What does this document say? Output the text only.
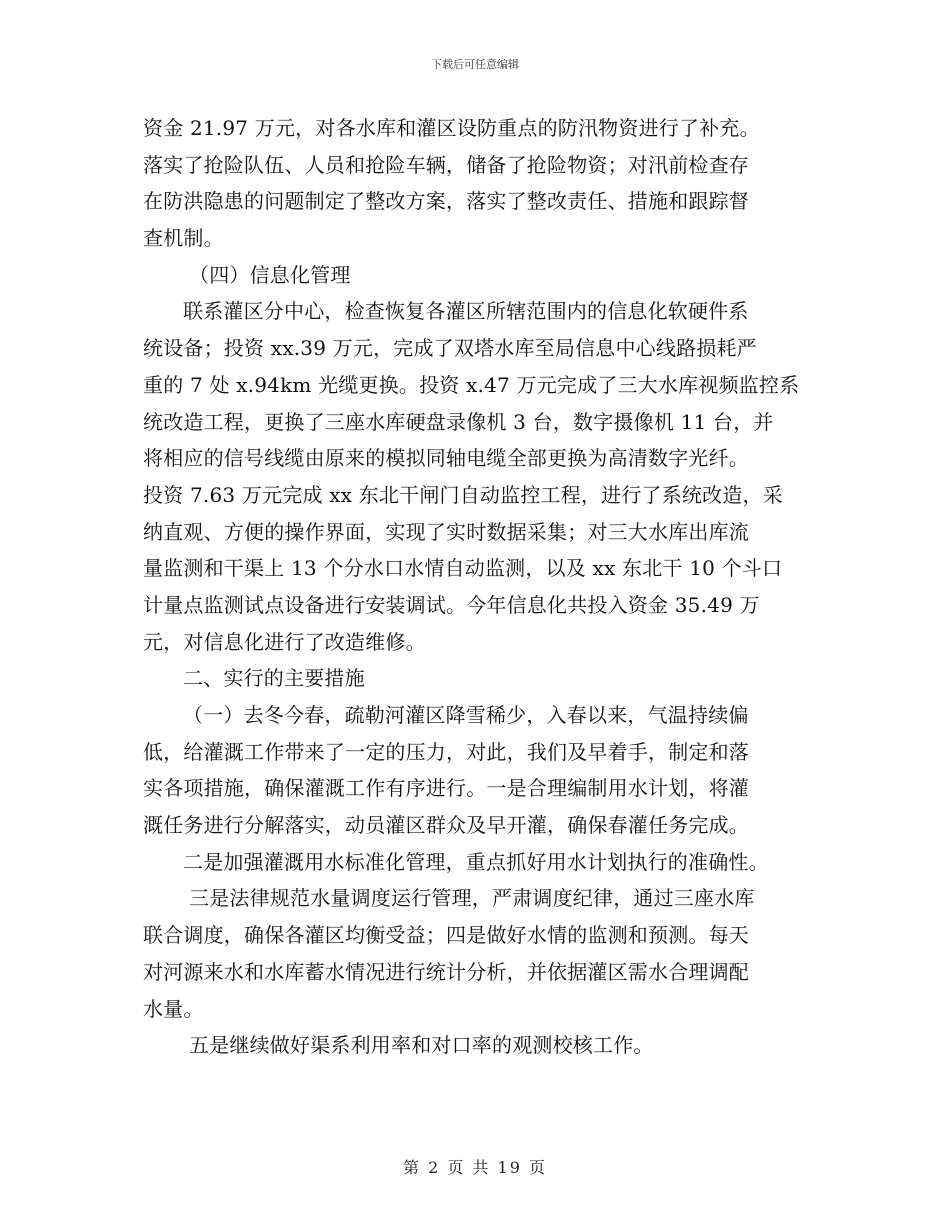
下载后可任意编辑
资金 21.97 万元，对各水库和灌区设防重点的防汛物资进行了补充。
落实了抢险队伍、人员和抢险车辆，储备了抢险物资；对汛前检查存
在防洪隐患的问题制定了整改方案，落实了整改责任、措施和跟踪督
查机制。
（四）信息化管理
联系灌区分中心，检查恢复各灌区所辖范围内的信息化软硬件系
统设备；投资 xx.39 万元，完成了双塔水库至局信息中心线路损耗严
重的 7 处 x.94km 光缆更换。投资 x.47 万元完成了三大水库视频监控系
统改造工程，更换了三座水库硬盘录像机 3 台，数字摄像机 11 台，并
将相应的信号线缆由原来的模拟同轴电缆全部更换为高清数字光纤。
投资 7.63 万元完成 xx 东北干闸门自动监控工程，进行了系统改造，采
纳直观、方便的操作界面，实现了实时数据采集；对三大水库出库流
量监测和干渠上 13 个分水口水情自动监测，以及 xx 东北干 10 个斗口
计量点监测试点设备进行安装调试。今年信息化共投入资金 35.49 万
元，对信息化进行了改造维修。
二、实行的主要措施
（一）去冬今春，疏勒河灌区降雪稀少，入春以来，气温持续偏
低，给灌溉工作带来了一定的压力，对此，我们及早着手，制定和落
实各项措施，确保灌溉工作有序进行。一是合理编制用水计划，将灌
溉任务进行分解落实，动员灌区群众及早开灌，确保春灌任务完成。
二是加强灌溉用水标准化管理，重点抓好用水计划执行的准确性。
三是法律规范水量调度运行管理，严肃调度纪律，通过三座水库
联合调度，确保各灌区均衡受益；四是做好水情的监测和预测。每天
对河源来水和水库蓄水情况进行统计分析，并依据灌区需水合理调配
水量。
五是继续做好渠系利用率和对口率的观测校核工作。
第 2 页 共 19 页
